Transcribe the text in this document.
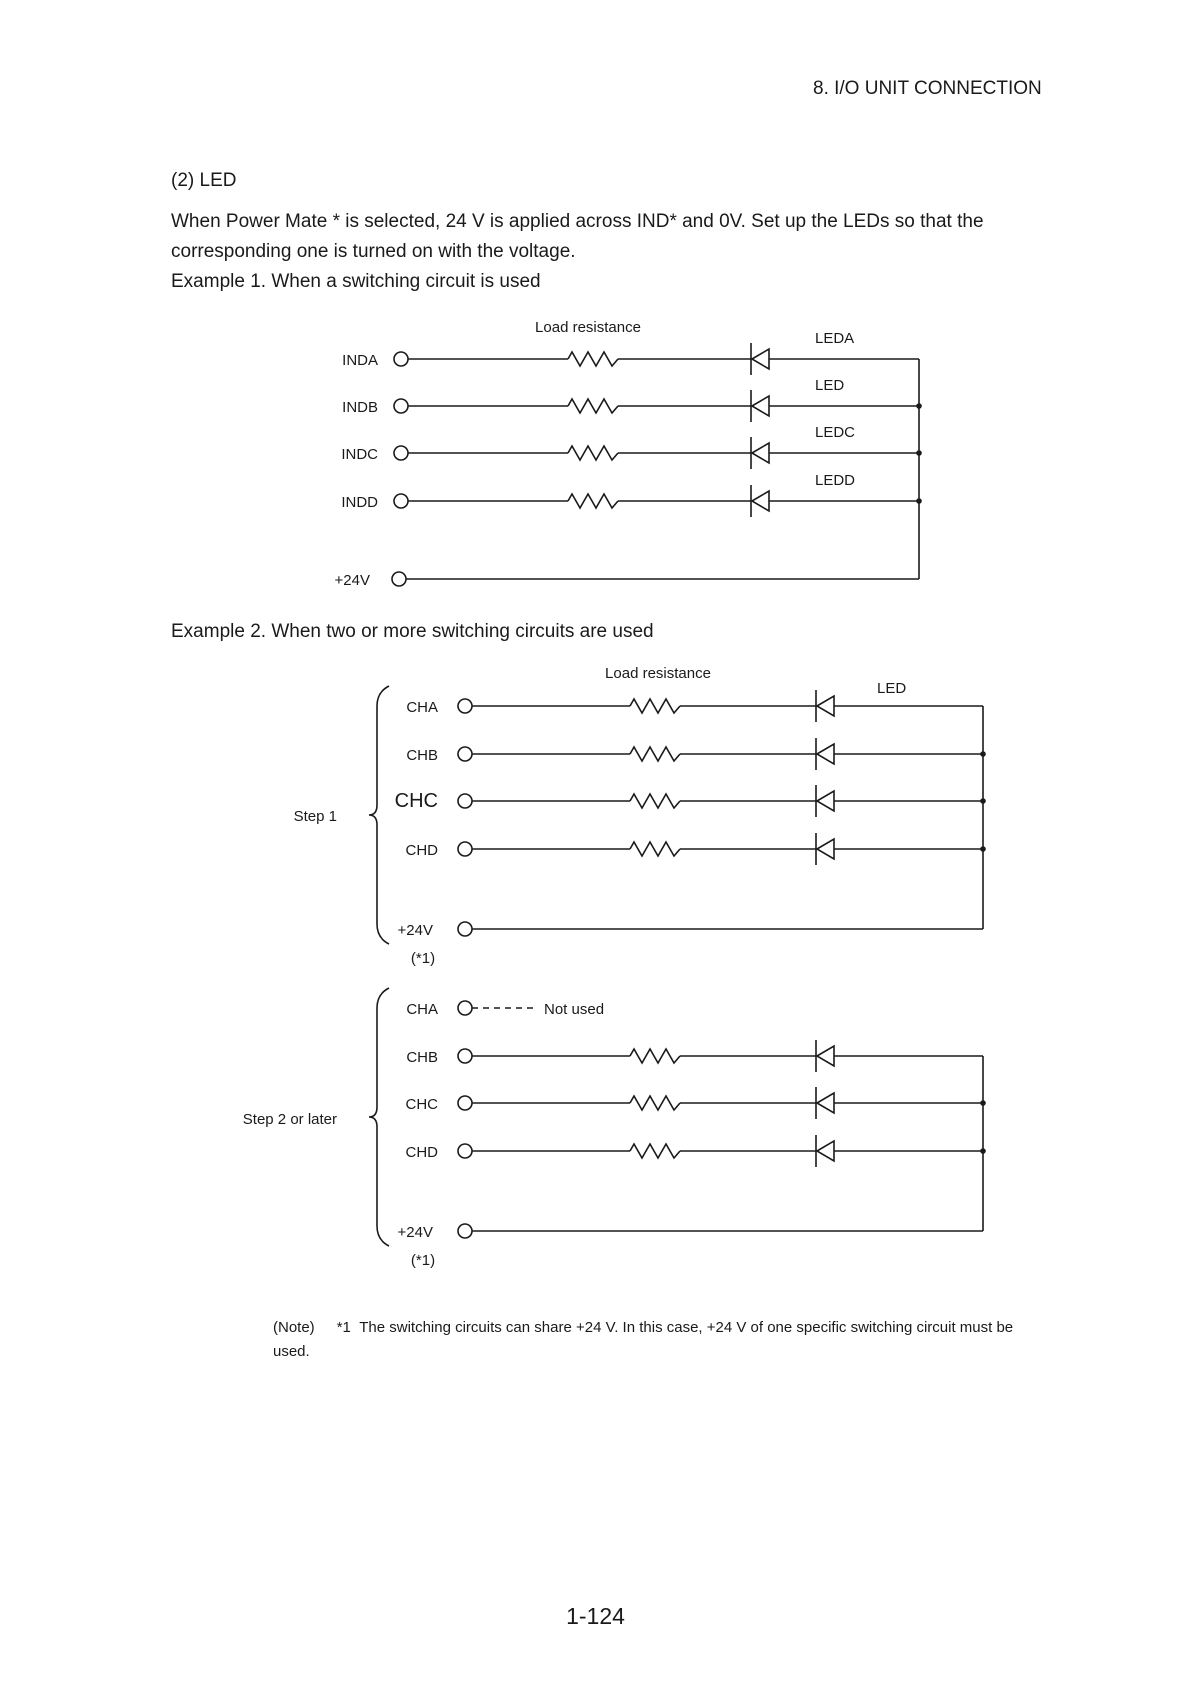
8. I/O UNIT CONNECTION
(2) LED
When Power Mate * is selected, 24 V is applied across IND* and 0V. Set up the LEDs so that the
corresponding one is turned on with the voltage.
Example 1. When a switching circuit is used
Load resistance
INDA
LEDA
INDB
LED
INDC
LEDC
INDD
LEDD
+24V
Load resistance
LED
CHA
CHB
CHC
CHD
+24V
(*1)
Step 1
CHA	Not used
CHB
CHC
CHD
+24V
(*1)
Step 2 or later
Example 2. When two or more switching circuits are used
(Note) *1 The switching circuits can share +24 V. In this case, +24 V of one specific switching circuit must be used.
1-124
